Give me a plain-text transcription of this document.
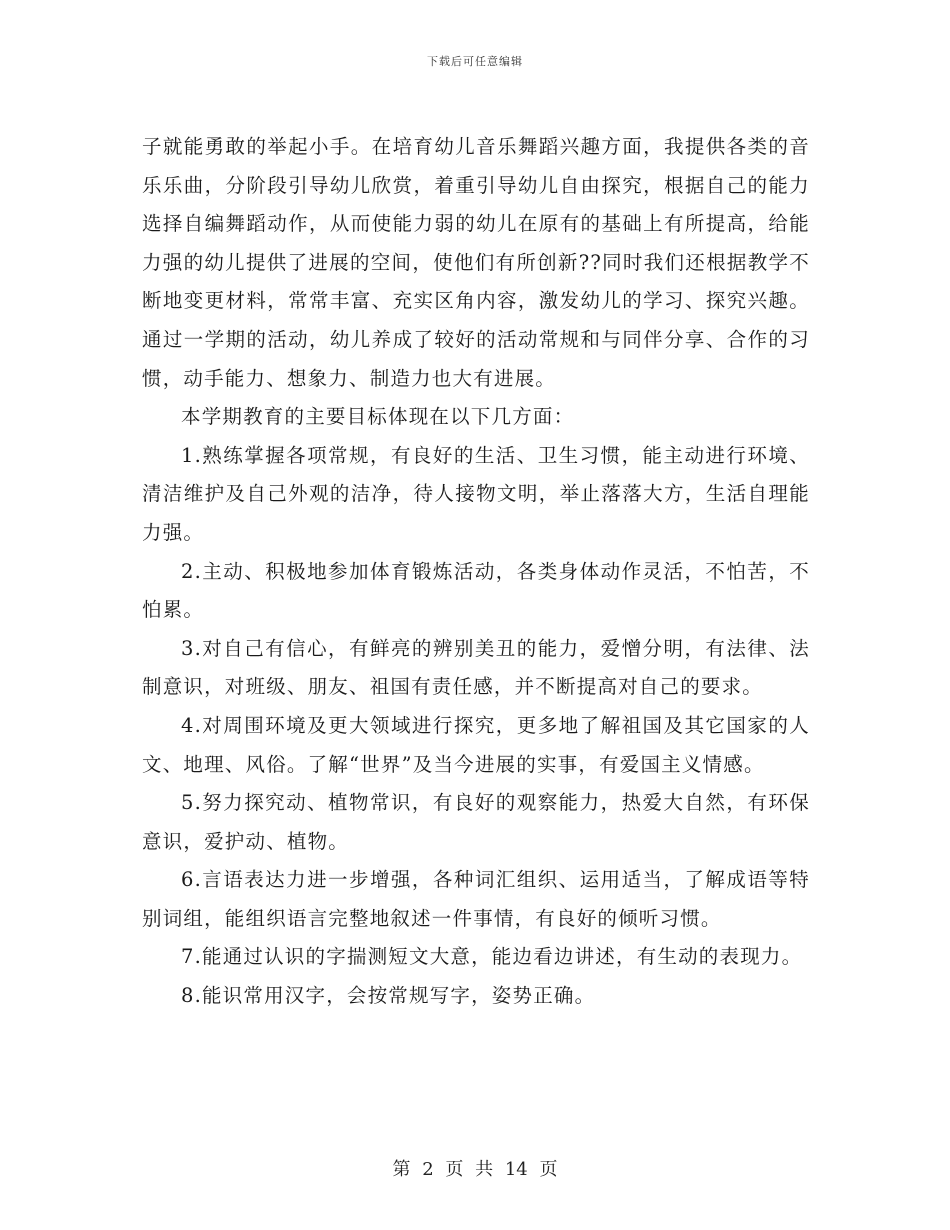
下载后可任意编辑

子就能勇敢的举起小手。在培育幼儿音乐舞蹈兴趣方面，我提供各类的音乐乐曲，分阶段引导幼儿欣赏，着重引导幼儿自由探究，根据自己的能力选择自编舞蹈动作，从而使能力弱的幼儿在原有的基础上有所提高，给能力强的幼儿提供了进展的空间，使他们有所创新??同时我们还根据教学不断地变更材料，常常丰富、充实区角内容，激发幼儿的学习、探究兴趣。通过一学期的活动，幼儿养成了较好的活动常规和与同伴分享、合作的习惯，动手能力、想象力、制造力也大有进展。

本学期教育的主要目标体现在以下几方面：

1.熟练掌握各项常规，有良好的生活、卫生习惯，能主动进行环境、清洁维护及自己外观的洁净，待人接物文明，举止落落大方，生活自理能力强。

2.主动、积极地参加体育锻炼活动，各类身体动作灵活，不怕苦，不怕累。

3.对自己有信心，有鲜亮的辨别美丑的能力，爱憎分明，有法律、法制意识，对班级、朋友、祖国有责任感，并不断提高对自己的要求。

4.对周围环境及更大领域进行探究，更多地了解祖国及其它国家的人文、地理、风俗。了解“世界”及当今进展的实事，有爱国主义情感。

5.努力探究动、植物常识，有良好的观察能力，热爱大自然，有环保意识，爱护动、植物。

6.言语表达力进一步增强，各种词汇组织、运用适当，了解成语等特别词组，能组织语言完整地叙述一件事情，有良好的倾听习惯。

7.能通过认识的字揣测短文大意，能边看边讲述，有生动的表现力。

8.能识常用汉字，会按常规写字，姿势正确。

第 2 页 共 14 页
